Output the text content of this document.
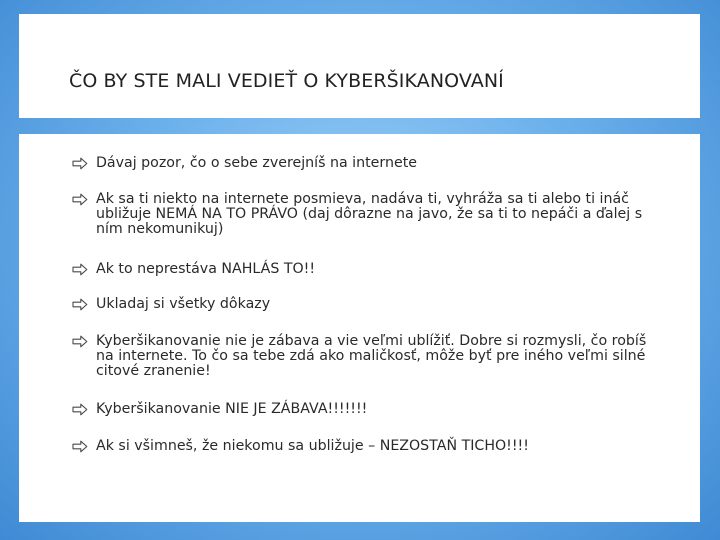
ČO BY STE MALI VEDIEŤ O KYBERŠIKANOVANÍ
Dávaj pozor, čo o sebe zverejníš na internete
Ak sa ti niekto na internete posmieva, nadáva ti, vyhráža sa ti alebo ti ináč ubližuje NEMÁ NA TO PRÁVO (daj dôrazne na javo, že sa ti to nepáči a ďalej s ním nekomunikuj)
Ak to neprestáva NAHLÁS TO!!
Ukladaj si všetky dôkazy
Kyberšikanovanie nie je zábava a vie veľmi ublížiť. Dobre si rozmysli, čo robíš na internete. To čo sa tebe zdá ako maličkosť, môže byť pre iného veľmi silné citové zranenie!
Kyberšikanovanie NIE JE ZÁBAVA!!!!!!!
Ak si všimneš, že niekomu sa ubližuje – NEZOSTAŇ TICHO!!!!
